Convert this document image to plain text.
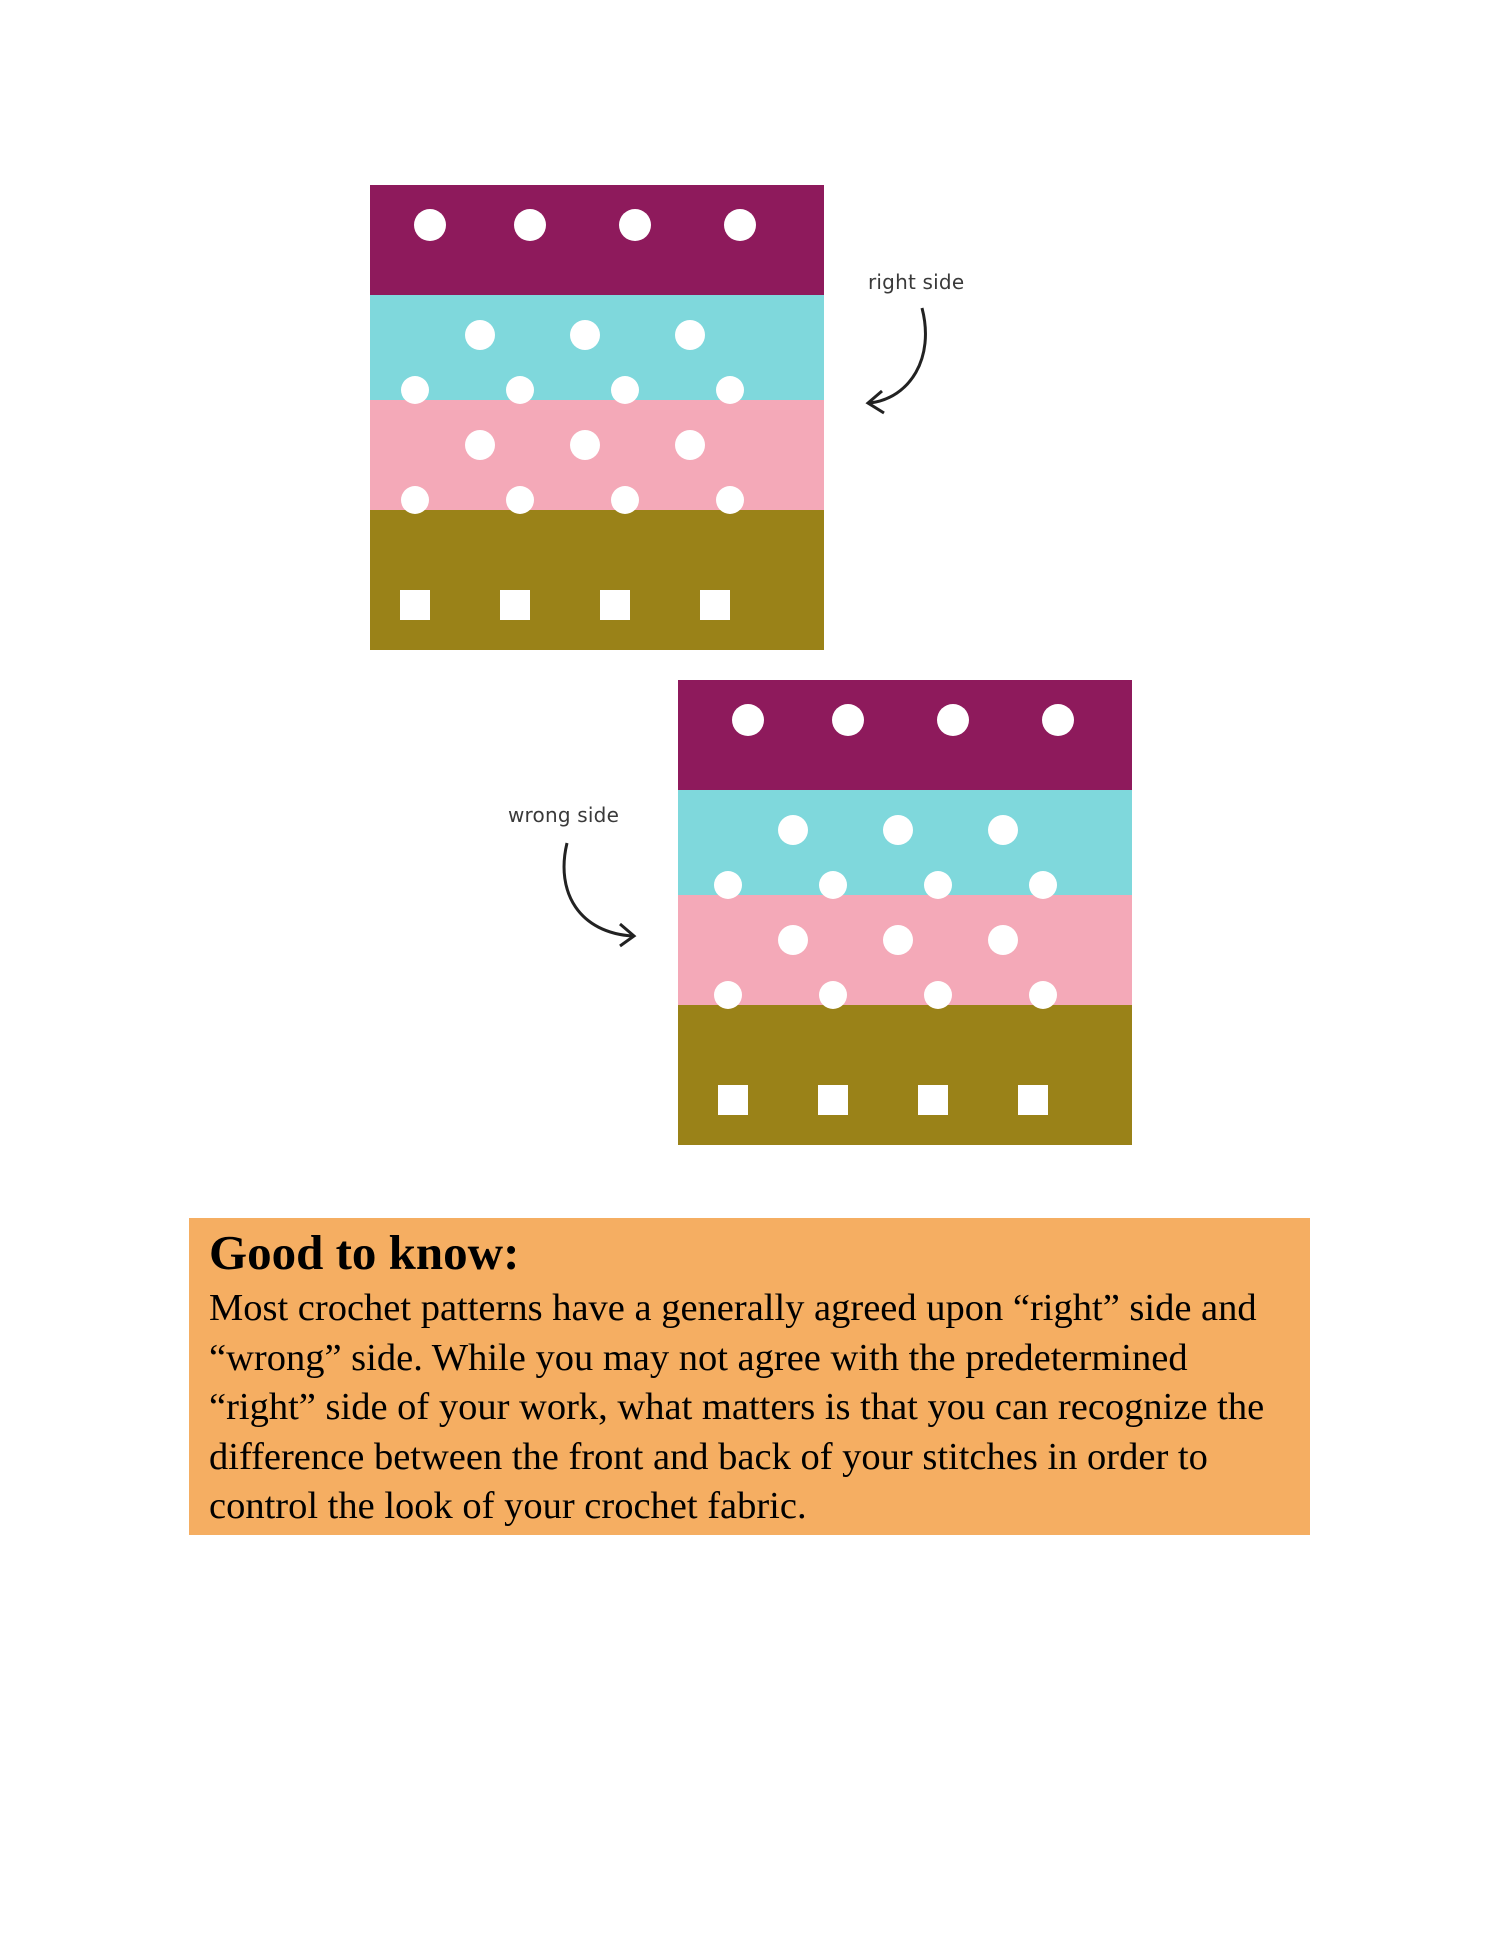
right side
wrong side

Good to know:

Most crochet patterns have a generally agreed upon “right” side and “wrong” side. While you may not agree with the predetermined “right” side of your work, what matters is that you can recognize the difference between the front and back of your stitches in order to control the look of your crochet fabric.
